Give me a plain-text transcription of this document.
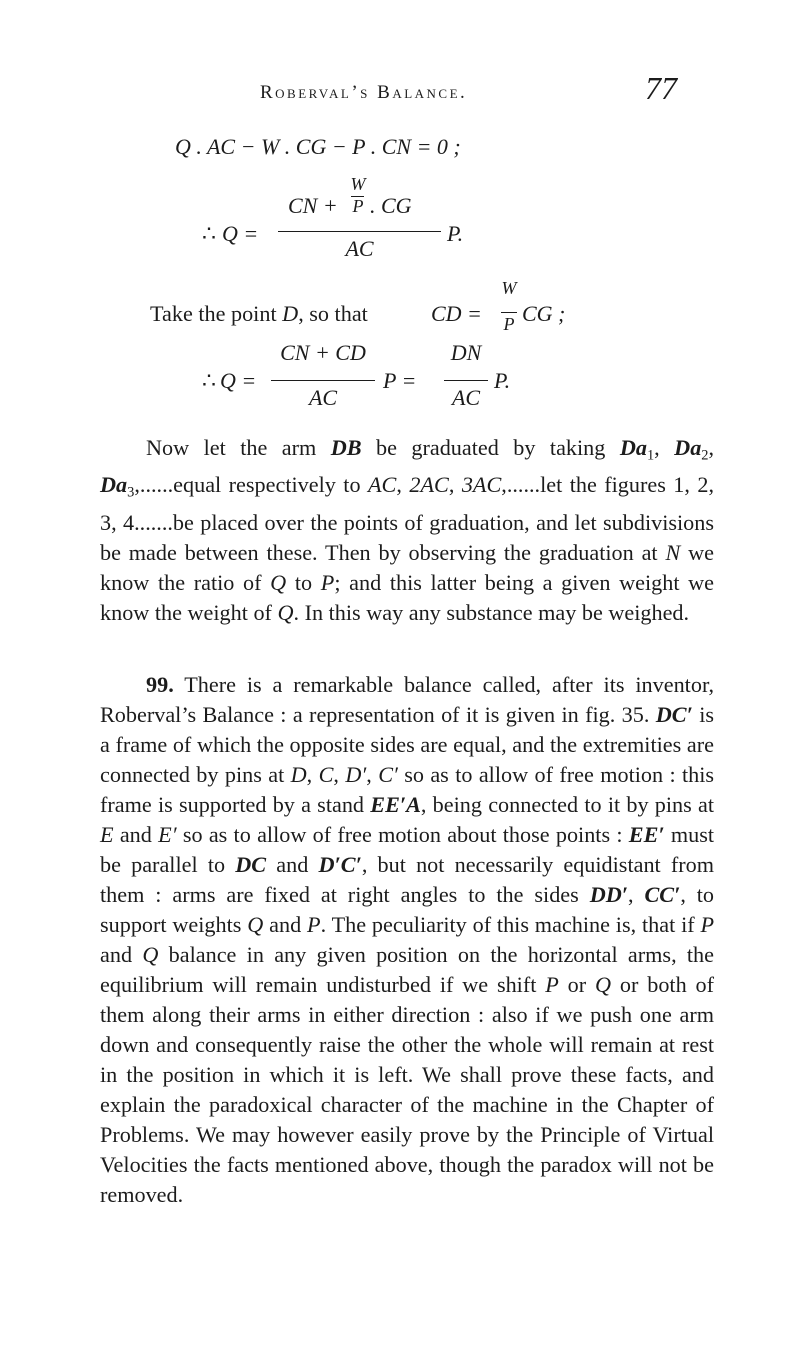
Roberval’s Balance.	77
Q . AC − W . CG − P . CN = 0 ;
∴ Q =
CN +
W
P . CG
AC
P.
Take the point D, so that	CD =
W
P CG ;
∴ Q =
CN + CD
AC
P =
DN
AC
P.

Now let the arm DB be graduated by taking $Da_1$, $Da_2$, $Da_3,......equal$ respectively to AC, 2AC, 3AC,......let the figures 1, 2, 3, 4.......be placed over the points of graduation, and let subdivisions be made between these. Then by observing the graduation at N we know the ratio of Q to P; and this latter being a given weight we know the weight of Q. In this way any substance may be weighed.

99. There is a remarkable balance called, after its inventor, Roberval’s Balance : a representation of it is given in fig. 35. DC′ is a frame of which the opposite sides are equal, and the extremities are connected by pins at D, C, D′, C′ so as to allow of free motion : this frame is supported by a stand EE′A, being connected to it by pins at E and E′ so as to allow of free motion about those points : EE′ must be parallel to DC and D′C′, but not necessarily equidistant from them : arms are fixed at right angles to the sides DD′, CC′, to support weights Q and P. The peculiarity of this machine is, that if P and Q balance in any given position on the horizontal arms, the equilibrium will remain undisturbed if we shift P or Q or both of them along their arms in either direction : also if we push one arm down and consequently raise the other the whole will remain at rest in the position in which it is left. We shall prove these facts, and explain the paradoxical character of the machine in the Chapter of Problems. We may however easily prove by the Principle of Virtual Velocities the facts mentioned above, though the paradox will not be removed.
